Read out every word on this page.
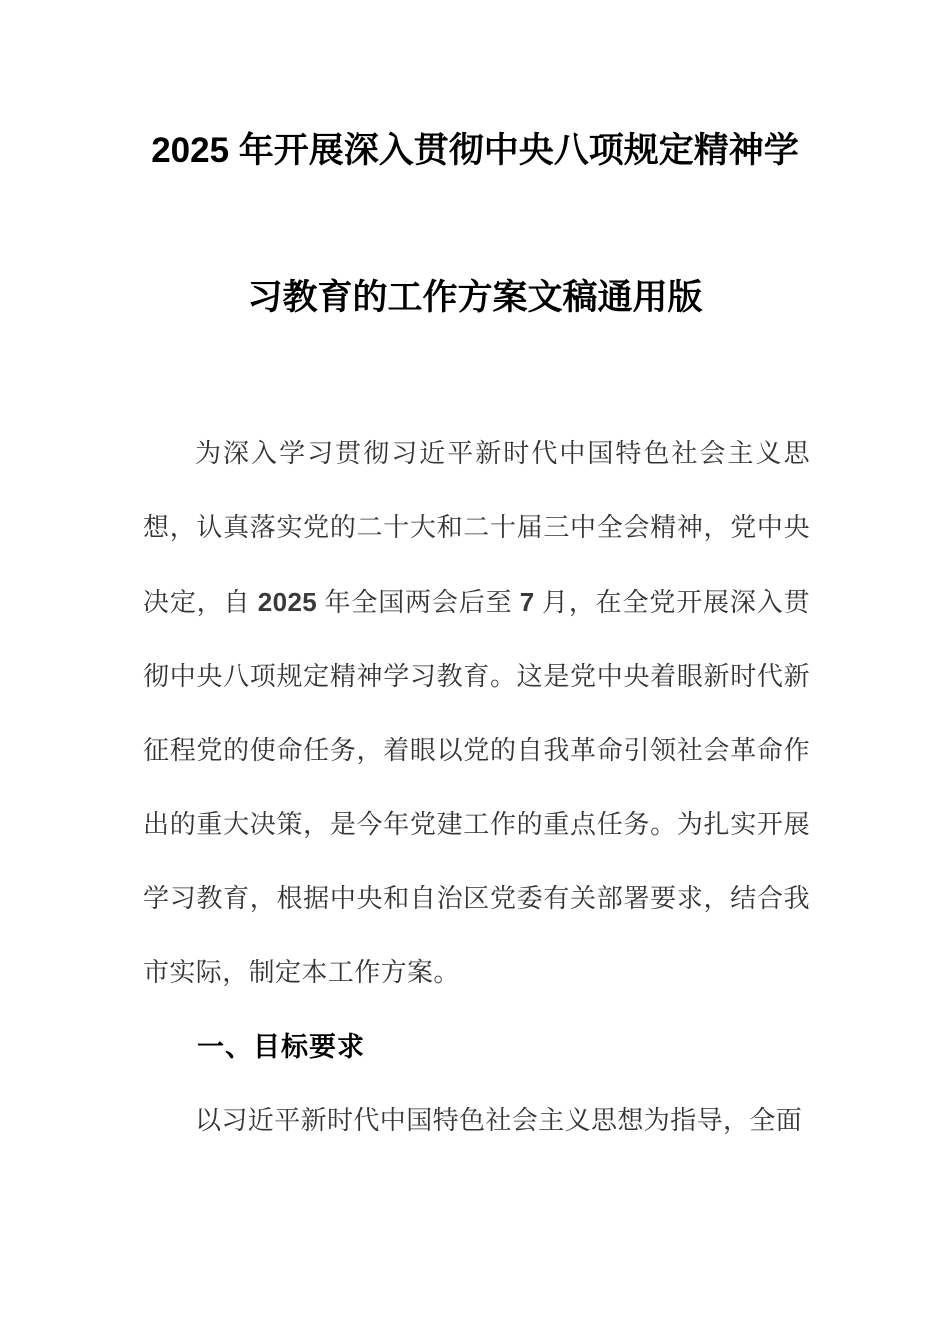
2025 年开展深入贯彻中央八项规定精神学
习教育的工作方案文稿通用版

为深入学习贯彻习近平新时代中国特色社会主义思想，认真落实党的二十大和二十届三中全会精神，党中央决定，自 2025 年全国两会后至 7 月，在全党开展深入贯彻中央八项规定精神学习教育。这是党中央着眼新时代新征程党的使命任务，着眼以党的自我革命引领社会革命作出的重大决策，是今年党建工作的重点任务。为扎实开展学习教育，根据中央和自治区党委有关部署要求，结合我市实际，制定本工作方案。

一、目标要求

以习近平新时代中国特色社会主义思想为指导，全面
